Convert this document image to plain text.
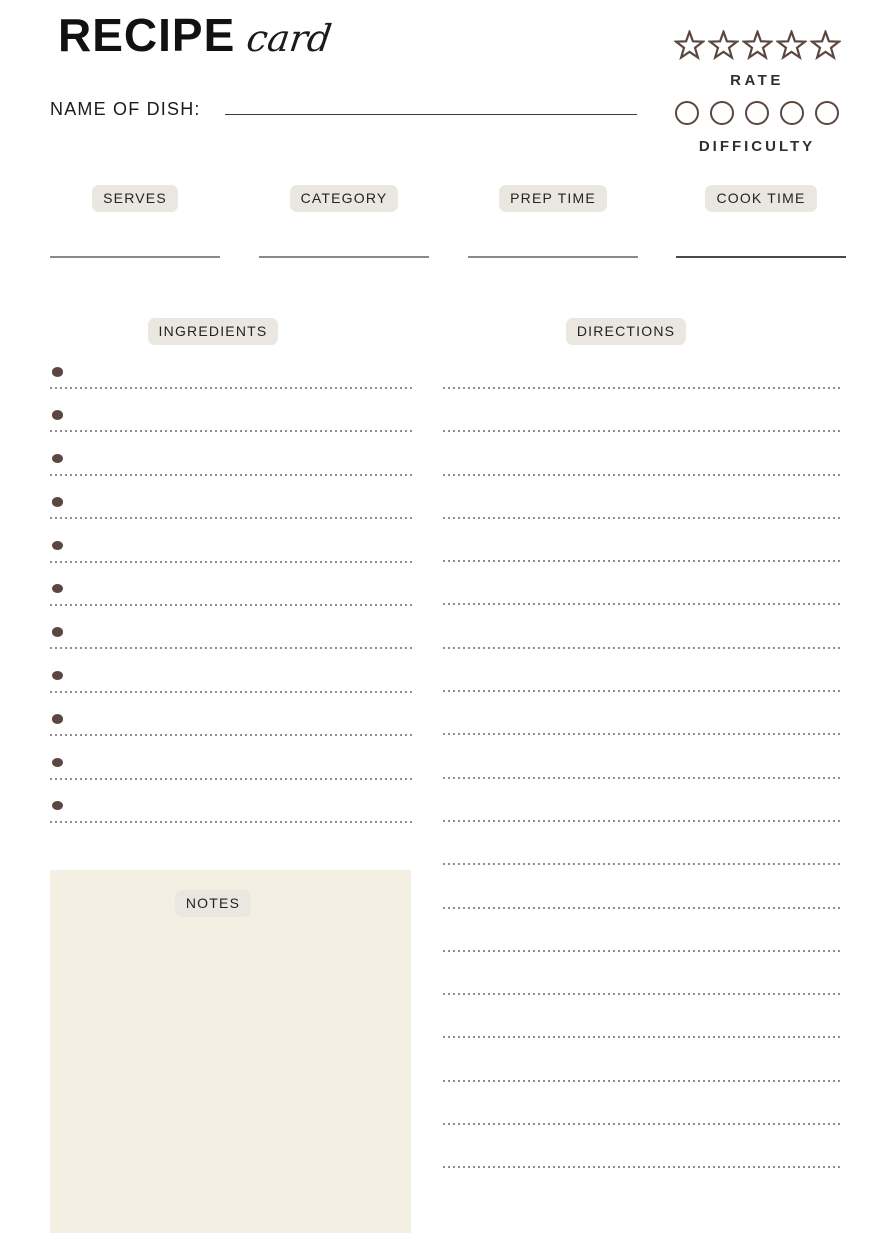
RECIPE card
RATE
DIFFICULTY
NAME OF DISH:
SERVES	CATEGORY	PREP TIME	COOK TIME
INGREDIENTS	DIRECTIONS
NOTES
